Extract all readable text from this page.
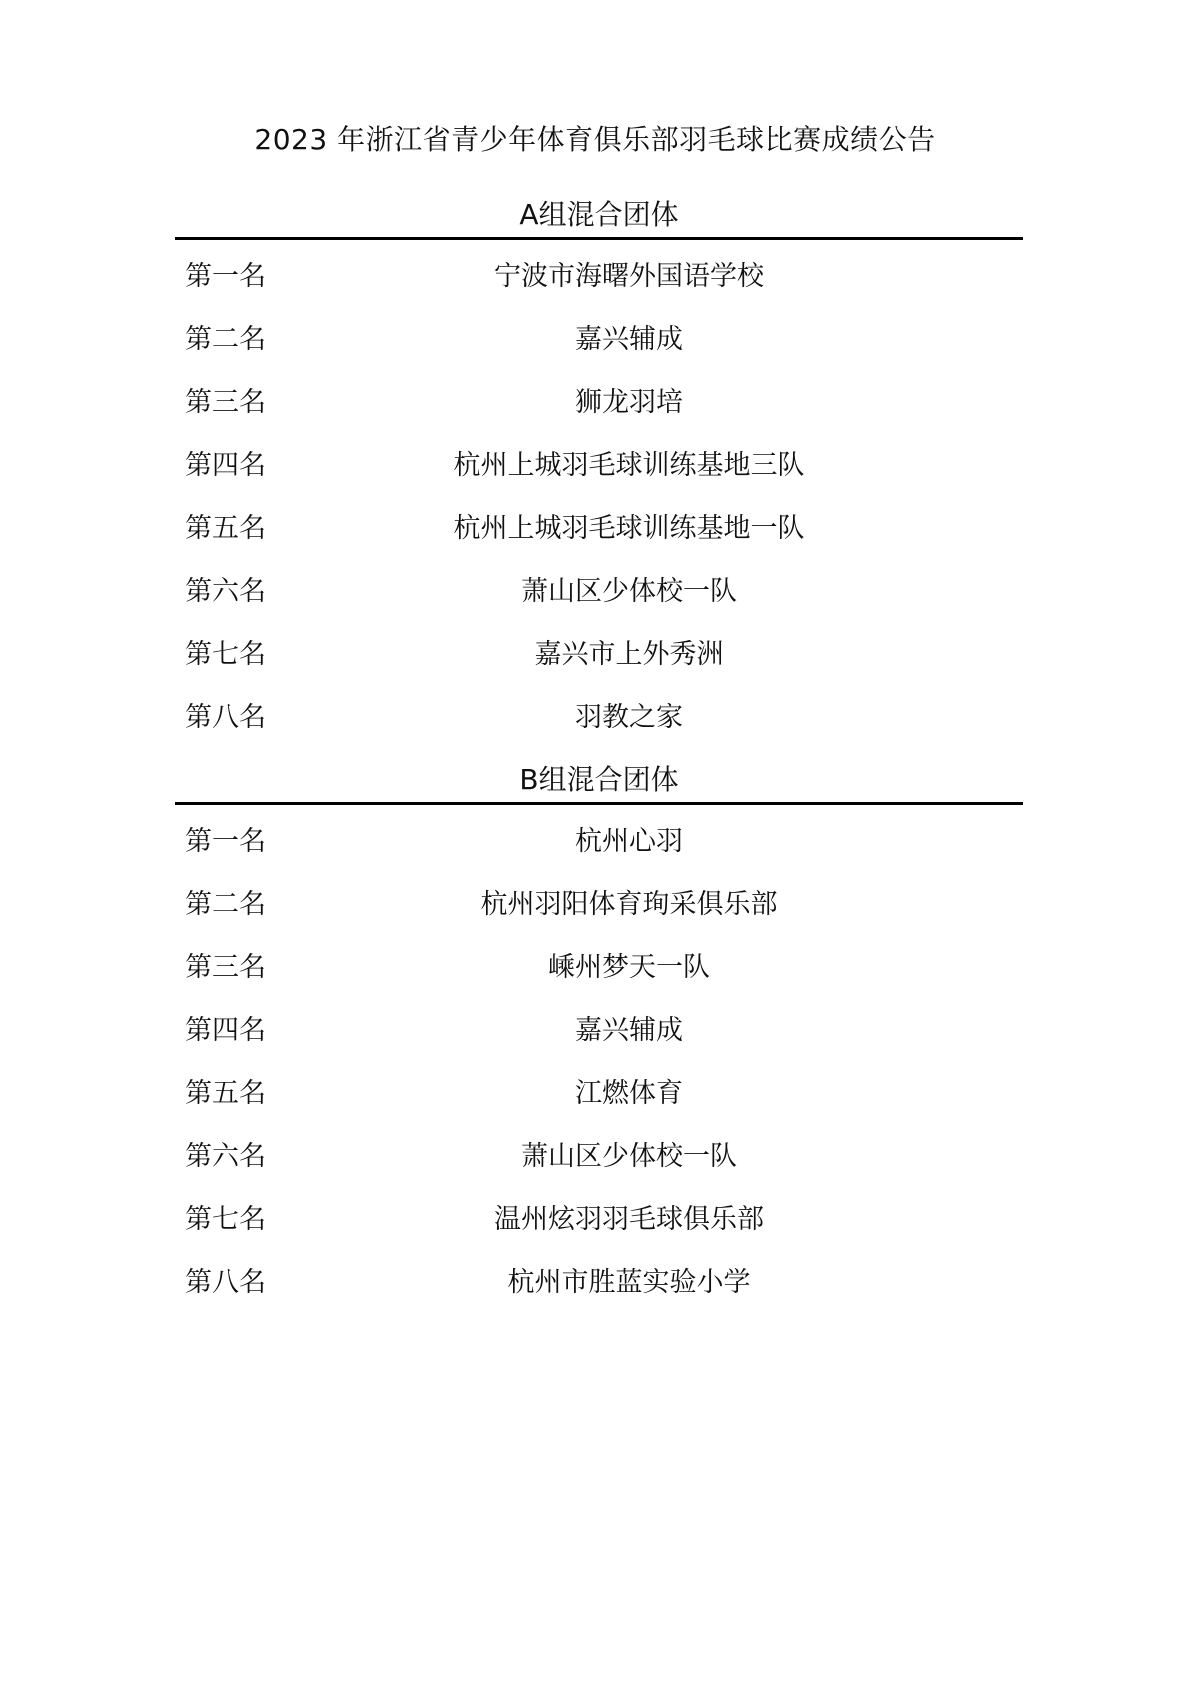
2023 年浙江省青少年体育俱乐部羽毛球比赛成绩公告
A组混合团体
第一名	宁波市海曙外国语学校
第二名	嘉兴辅成
第三名	狮龙羽培
第四名	杭州上城羽毛球训练基地三队
第五名	杭州上城羽毛球训练基地一队
第六名	萧山区少体校一队
第七名	嘉兴市上外秀洲
第八名	羽教之家
B组混合团体
第一名	杭州心羽
第二名	杭州羽阳体育珣采俱乐部
第三名	嵊州梦天一队
第四名	嘉兴辅成
第五名	江燃体育
第六名	萧山区少体校一队
第七名	温州炫羽羽毛球俱乐部
第八名	杭州市胜蓝实验小学
